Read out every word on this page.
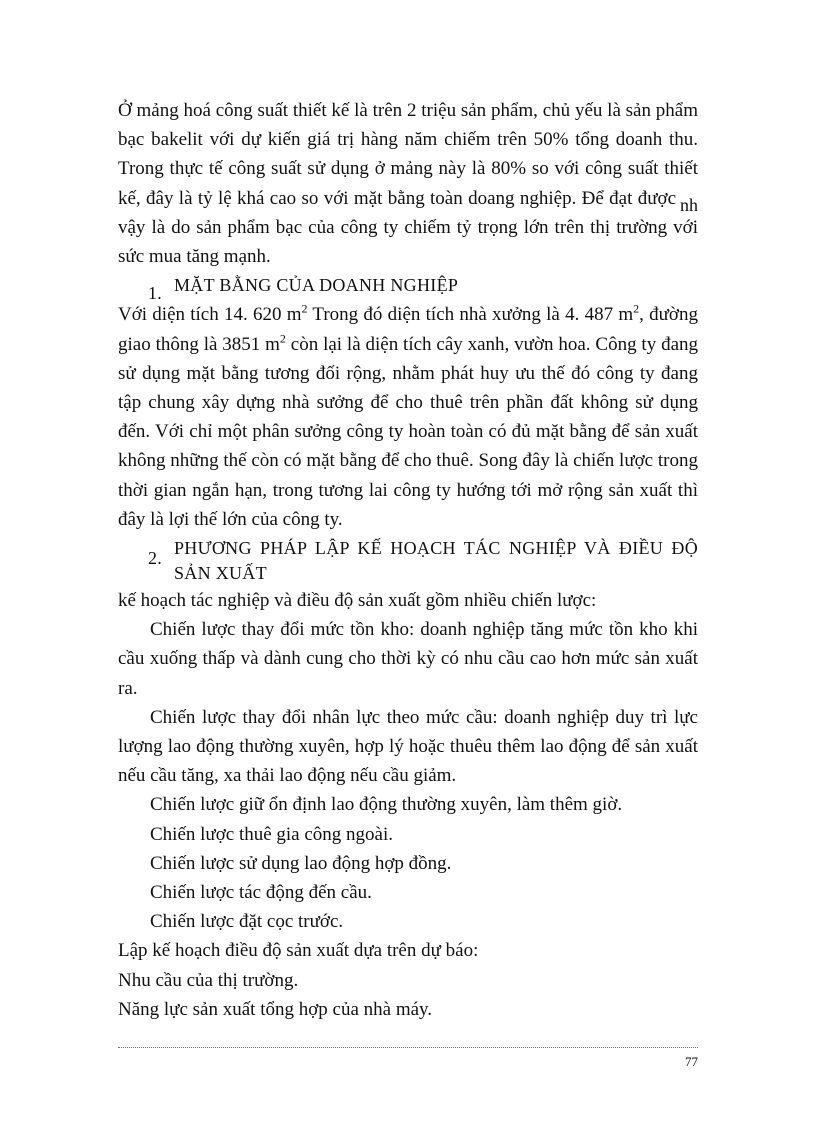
Ở mảng hoá công suất thiết kế là trên 2 triệu sản phẩm, chủ yếu là sản phẩm bạc bakelit với dự kiến giá trị hàng năm chiếm trên 50% tổng doanh thu. Trong thực tế công suất sử dụng ở mảng này là 80% so với công suất thiết kế, đây là tỷ lệ khá cao so với mặt bằng toàn doang nghiệp. Để đạt được nh vậy là do sản phẩm bạc của công ty chiếm tỷ trọng lớn trên thị trường với sức mua tăng mạnh.

1. MẶT BẰNG CỦA DOANH NGHIỆP

Với diện tích 14. 620 $m^2$ Trong đó diện tích nhà xưởng là 4. 487 $m^2$, đường giao thông là 3851 $m^2$ còn lại là diện tích cây xanh, vườn hoa. Công ty đang sử dụng mặt bằng tương đối rộng, nhằm phát huy ưu thế đó công ty đang tập chung xây dựng nhà sưởng để cho thuê trên phần đất không sử dụng đến. Với chỉ một phân sưởng công ty hoàn toàn có đủ mặt bằng để sản xuất không những thế còn có mặt bằng để cho thuê. Song đây là chiến lược trong thời gian ngắn hạn, trong tương lai công ty hướng tới mở rộng sản xuất thì đây là lợi thế lớn của công ty.

2. PHƯƠNG PHÁP LẬP KẾ HOẠCH TÁC NGHIỆP VÀ ĐIỀU ĐỘ SẢN XUẤT

kế hoạch tác nghiệp và điều độ sản xuất gồm nhiều chiến lược:

Chiến lược thay đổi mức tồn kho: doanh nghiệp tăng mức tồn kho khi cầu xuống thấp và dành cung cho thời kỳ có nhu cầu cao hơn mức sản xuất ra.

Chiến lược thay đổi nhân lực theo mức cầu: doanh nghiệp duy trì lực lượng lao động thường xuyên, hợp lý hoặc thuêu thêm lao động để sản xuất nếu cầu tăng, xa thải lao động nếu cầu giảm.

Chiến lược giữ ổn định lao động thường xuyên, làm thêm giờ.

Chiến lược thuê gia công ngoài.

Chiến lược sử dụng lao động hợp đồng.

Chiến lược tác động đến cầu.

Chiến lược đặt cọc trước.

Lập kế hoạch điều độ sản xuất dựa trên dự báo:

Nhu cầu của thị trường.

Năng lực sản xuất tổng hợp của nhà máy.

77
